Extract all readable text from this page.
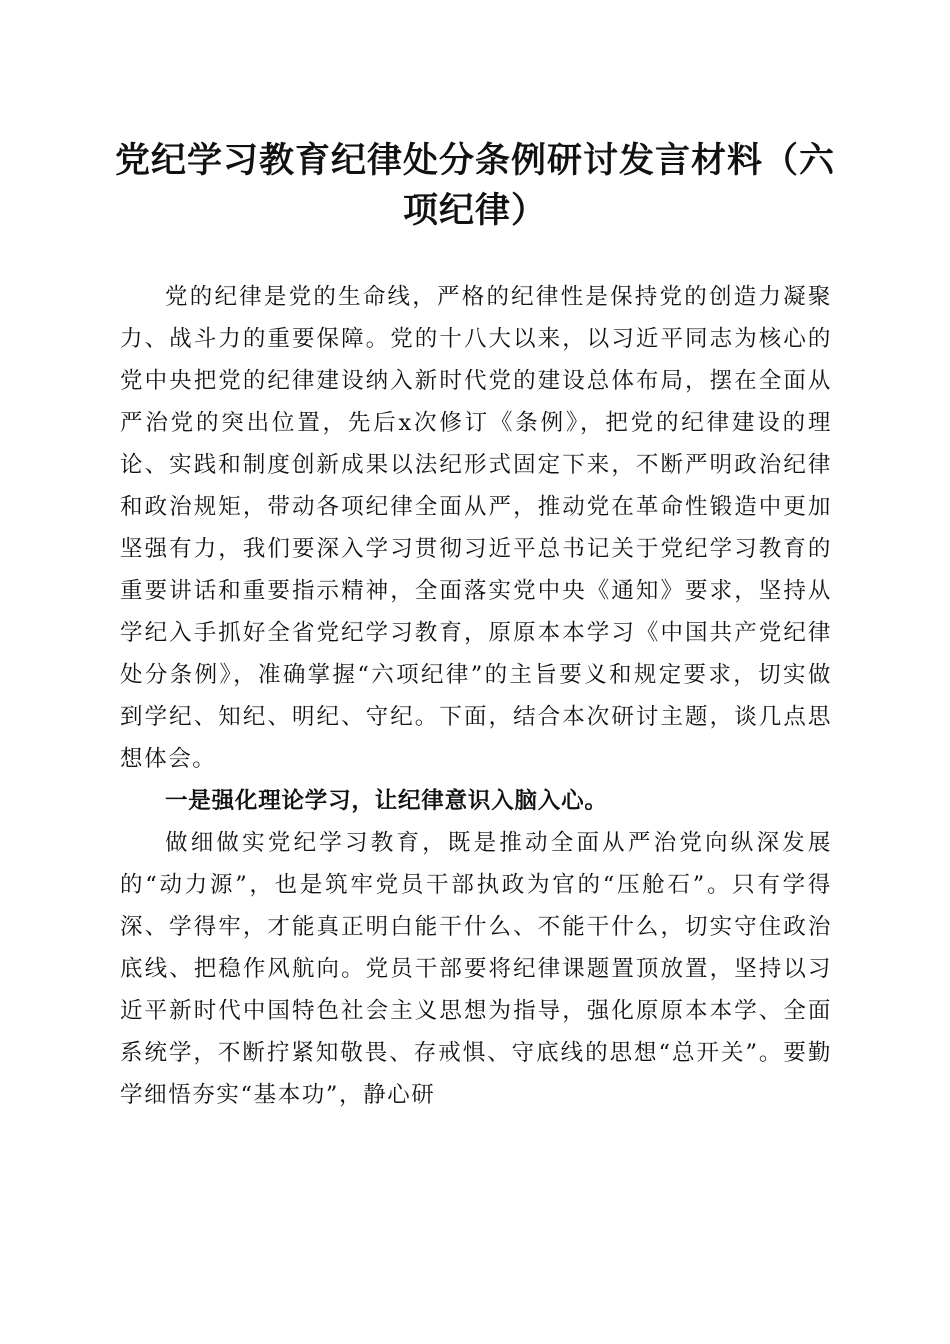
党纪学习教育纪律处分条例研讨发言材料（六项纪律）

党的纪律是党的生命线，严格的纪律性是保持党的创造力凝聚力、战斗力的重要保障。党的十八大以来，以习近平同志为核心的党中央把党的纪律建设纳入新时代党的建设总体布局，摆在全面从严治党的突出位置，先后x次修订《条例》，把党的纪律建设的理论、实践和制度创新成果以法纪形式固定下来，不断严明政治纪律和政治规矩，带动各项纪律全面从严，推动党在革命性锻造中更加坚强有力，我们要深入学习贯彻习近平总书记关于党纪学习教育的重要讲话和重要指示精神，全面落实党中央《通知》要求，坚持从学纪入手抓好全省党纪学习教育，原原本本学习《中国共产党纪律处分条例》，准确掌握“六项纪律”的主旨要义和规定要求，切实做到学纪、知纪、明纪、守纪。下面，结合本次研讨主题，谈几点思想体会。

一是强化理论学习，让纪律意识入脑入心。

做细做实党纪学习教育，既是推动全面从严治党向纵深发展的“动力源”，也是筑牢党员干部执政为官的“压舱石”。只有学得深、学得牢，才能真正明白能干什么、不能干什么，切实守住政治底线、把稳作风航向。党员干部要将纪律课题置顶放置，坚持以习近平新时代中国特色社会主义思想为指导，强化原原本本学、全面系统学，不断拧紧知敬畏、存戒惧、守底线的思想“总开关”。要勤学细悟夯实“基本功”，静心研
